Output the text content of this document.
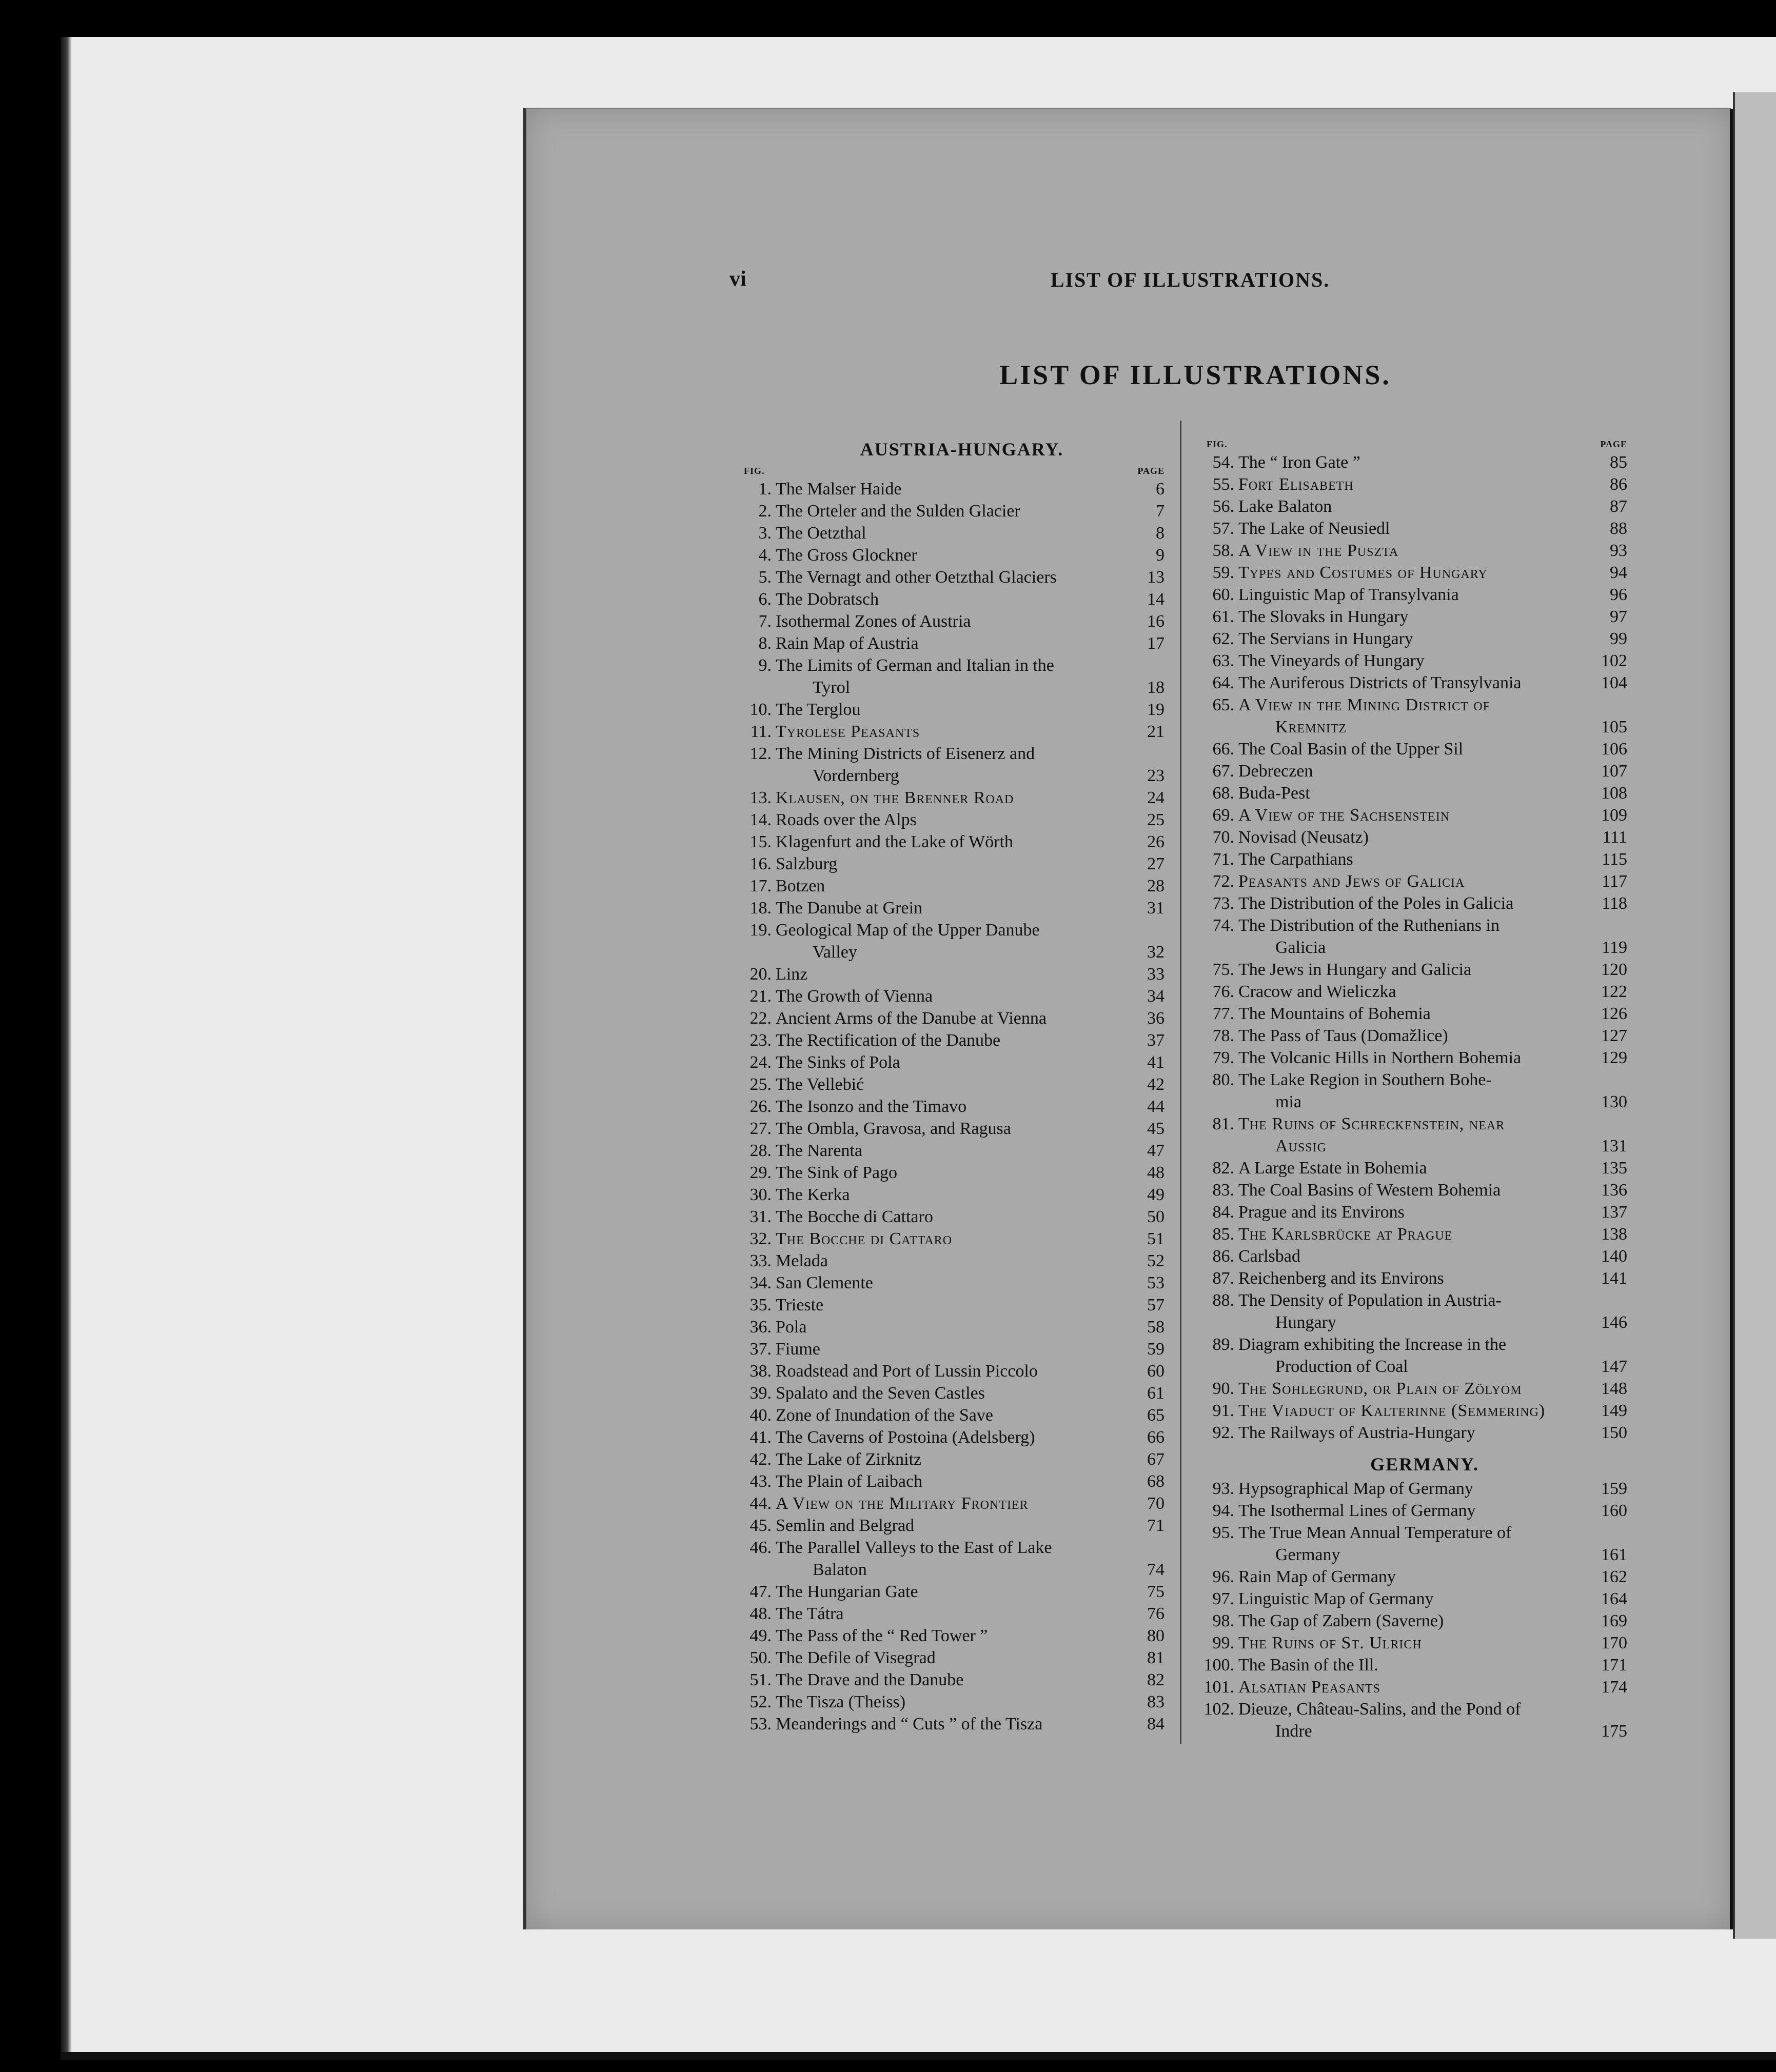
vi	LIST OF ILLUSTRATIONS.
LIST OF ILLUSTRATIONS.
AUSTRIA-HUNGARY.
FIG.	PAGE
1. The Malser Haide	6
2. The Orteler and the Sulden Glacier	7
3. The Oetzthal	8
4. The Gross Glockner	9
5. The Vernagt and other Oetzthal Glaciers	13
6. The Dobratsch	14
7. Isothermal Zones of Austria	16
8. Rain Map of Austria	17
9. The Limits of German and Italian in the
Tyrol	18
10. The Terglou	19
11. Tyrolese Peasants	21
12. The Mining Districts of Eisenerz and
Vordernberg	23
13. Klausen, on the Brenner Road	24
14. Roads over the Alps	25
15. Klagenfurt and the Lake of Wörth	26
16. Salzburg	27
17. Botzen	28
18. The Danube at Grein	31
19. Geological Map of the Upper Danube
Valley	32
20. Linz	33
21. The Growth of Vienna	34
22. Ancient Arms of the Danube at Vienna	36
23. The Rectification of the Danube	37
24. The Sinks of Pola	41
25. The Vellebić	42
26. The Isonzo and the Timavo	44
27. The Ombla, Gravosa, and Ragusa	45
28. The Narenta	47
29. The Sink of Pago	48
30. The Kerka	49
31. The Bocche di Cattaro	50
32. The Bocche di Cattaro	51
33. Melada	52
34. San Clemente	53
35. Trieste	57
36. Pola	58
37. Fiume	59
38. Roadstead and Port of Lussin Piccolo	60
39. Spalato and the Seven Castles	61
40. Zone of Inundation of the Save	65
41. The Caverns of Postoina (Adelsberg)	66
42. The Lake of Zirknitz	67
43. The Plain of Laibach	68
44. A View on the Military Frontier	70
45. Semlin and Belgrad	71
46. The Parallel Valleys to the East of Lake
Balaton	74
47. The Hungarian Gate	75
48. The Tátra	76
49. The Pass of the “ Red Tower ”	80
50. The Defile of Visegrad	81
51. The Drave and the Danube	82
52. The Tisza (Theiss)	83
53. Meanderings and “ Cuts ” of the Tisza	84
FIG.	PAGE
54. The “ Iron Gate ”	85
55. Fort Elisabeth	86
56. Lake Balaton	87
57. The Lake of Neusiedl	88
58. A View in the Puszta	93
59. Types and Costumes of Hungary	94
60. Linguistic Map of Transylvania	96
61. The Slovaks in Hungary	97
62. The Servians in Hungary	99
63. The Vineyards of Hungary	102
64. The Auriferous Districts of Transylvania	104
65. A View in the Mining District of
Kremnitz	105
66. The Coal Basin of the Upper Sil	106
67. Debreczen	107
68. Buda-Pest	108
69. A View of the Sachsenstein	109
70. Novisad (Neusatz)	111
71. The Carpathians	115
72. Peasants and Jews of Galicia	117
73. The Distribution of the Poles in Galicia	118
74. The Distribution of the Ruthenians in
Galicia	119
75. The Jews in Hungary and Galicia	120
76. Cracow and Wieliczka	122
77. The Mountains of Bohemia	126
78. The Pass of Taus (Domažlice)	127
79. The Volcanic Hills in Northern Bohemia	129
80. The Lake Region in Southern Bohe-
mia	130
81. The Ruins of Schreckenstein, near
Aussig	131
82. A Large Estate in Bohemia	135
83. The Coal Basins of Western Bohemia	136
84. Prague and its Environs	137
85. The Karlsbrücke at Prague	138
86. Carlsbad	140
87. Reichenberg and its Environs	141
88. The Density of Population in Austria-
Hungary	146
89. Diagram exhibiting the Increase in the
Production of Coal	147
90. The Sohlegrund, or Plain of Zölyom	148
91. The Viaduct of Kalterinne (Semmering)	149
92. The Railways of Austria-Hungary	150
GERMANY.
93. Hypsographical Map of Germany	159
94. The Isothermal Lines of Germany	160
95. The True Mean Annual Temperature of
Germany	161
96. Rain Map of Germany	162
97. Linguistic Map of Germany	164
98. The Gap of Zabern (Saverne)	169
99. The Ruins of St. Ulrich	170
100. The Basin of the Ill.	171
101. Alsatian Peasants	174
102. Dieuze, Château-Salins, and the Pond of
Indre	175
